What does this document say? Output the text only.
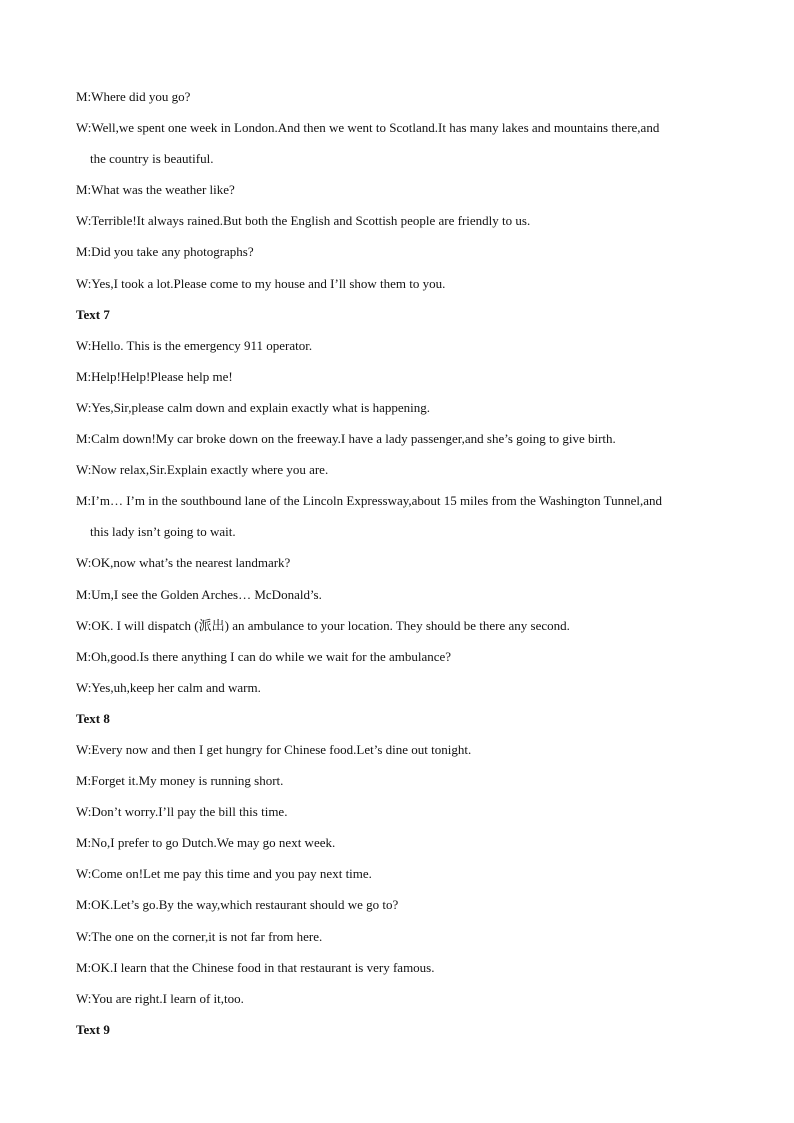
M:Where did you go?
W:Well,we spent one week in London.And then we went to Scotland.It has many lakes and mountains there,and
the country is beautiful.
M:What was the weather like?
W:Terrible!It always rained.But both the English and Scottish people are friendly to us.
M:Did you take any photographs?
W:Yes,I took a lot.Please come to my house and I’ll show them to you.
Text 7
W:Hello. This is the emergency 911 operator.
M:Help!Help!Please help me!
W:Yes,Sir,please calm down and explain exactly what is happening.
M:Calm down!My car broke down on the freeway.I have a lady passenger,and she’s going to give birth.
W:Now relax,Sir.Explain exactly where you are.
M:I’m… I’m in the southbound lane of the Lincoln Expressway,about 15 miles from the Washington Tunnel,and
this lady isn’t going to wait.
W:OK,now what’s the nearest landmark?
M:Um,I see the Golden Arches… McDonald’s.
W:OK. I will dispatch (派出) an ambulance to your location. They should be there any second.
M:Oh,good.Is there anything I can do while we wait for the ambulance?
W:Yes,uh,keep her calm and warm.
Text 8
W:Every now and then I get hungry for Chinese food.Let’s dine out tonight.
M:Forget it.My money is running short.
W:Don’t worry.I’ll pay the bill this time.
M:No,I prefer to go Dutch.We may go next week.
W:Come on!Let me pay this time and you pay next time.
M:OK.Let’s go.By the way,which restaurant should we go to?
W:The one on the corner,it is not far from here.
M:OK.I learn that the Chinese food in that restaurant is very famous.
W:You are right.I learn of it,too.
Text 9
